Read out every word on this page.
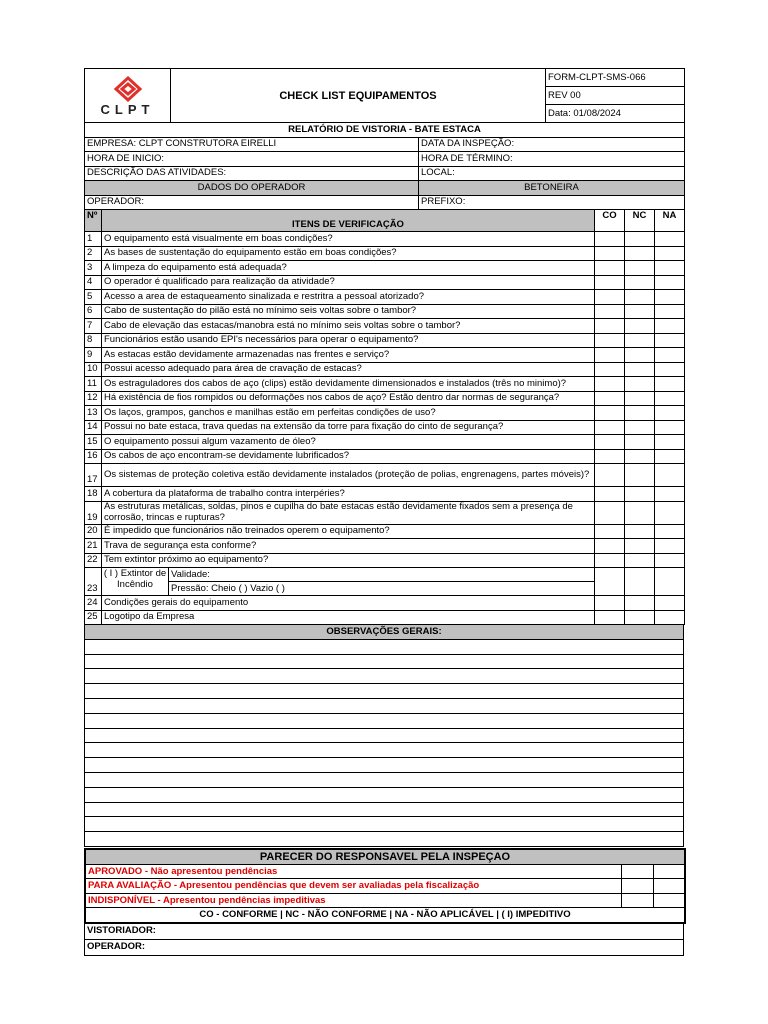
CLPT
	CHECK LIST EQUIPAMENTOS	FORM-CLPT-SMS-066
REV 00
Data: 01/08/2024
RELATÓRIO DE VISTORIA - BATE ESTACA
EMPRESA: CLPT CONSTRUTORA EIRELLI	DATA DA INSPEÇÃO:
HORA DE INICIO:	HORA DE TÉRMINO:
DESCRIÇÃO DAS ATIVIDADES:	LOCAL:
DADOS DO OPERADOR	BETONEIRA
OPERADOR:	PREFIXO:
Nº	ITENS DE VERIFICAÇÃO	CO	NC	NA
1	O equipamento está visualmente em boas condições?			
2	As bases de sustentação do equipamento estão em boas condições?			
3	A limpeza do equipamento está adequada?			
4	O operador é qualificado para realização da atividade?			
5	Acesso a area de estaqueamento sinalizada e restritra a pessoal atorizado?			
6	Cabo de sustentação do pilão está no mínimo seis voltas sobre o tambor?			
7	Cabo de elevação das estacas/manobra está no mínimo seis voltas sobre o tambor?			
8	Funcionários estão usando EPI's necessários para operar o equipamento?			
9	As estacas estão devidamente armazenadas nas frentes e serviço?			
10	Possui acesso adequado para área de cravação de estacas?			
11	Os estraguladores dos cabos de aço (clips) estão devidamente dimensionados e instalados (três no minimo)?			
12	Há existência de fios rompidos ou deformações nos cabos de aço? Estão dentro dar normas de segurança?			
13	Os laços, grampos, ganchos e manilhas estão em perfeitas condições de uso?			
14	Possui no bate estaca, trava quedas na extensão da torre para fixação do cinto de segurança?			
15	O equipamento possui algum vazamento de óleo?			
16	Os cabos de aço encontram-se devidamente lubrificados?			
17	Os sistemas de proteção coletiva estão devidamente instalados (proteção de polias, engrenagens, partes móveis)?			
18	A cobertura da plataforma de trabalho contra interpéries?			
19	As estruturas metálicas, soldas, pinos e cupilha do bate estacas estão devidamente fixados sem a presença de corrosão, trincas e rupturas?			
20	É impedido que funcionários não treinados operem o equipamento?			
21	Trava de segurança esta conforme?			
22	Tem extintor próximo ao equipamento?			
23	( I ) Extintor de Incêndio
Validade:
Pressão: Cheio ( ) Vazio ( )			

24	Condições gerais do equipamento			
25	Logotipo da Empresa			
OBSERVAÇÕES GERAIS:

PARECER DO RESPONSAVEL PELA INSPEÇAO		
APROVADO - Não apresentou pendências		
PARA AVALIAÇÃO - Apresentou pendências que devem ser avaliadas pela fiscalização		
INDISPONÍVEL - Apresentou pendências impeditivas		
CO - CONFORME | NC - NÃO CONFORME | NA - NÃO APLICÁVEL | ( I) IMPEDITIVO		
VISTORIADOR:
OPERADOR:
